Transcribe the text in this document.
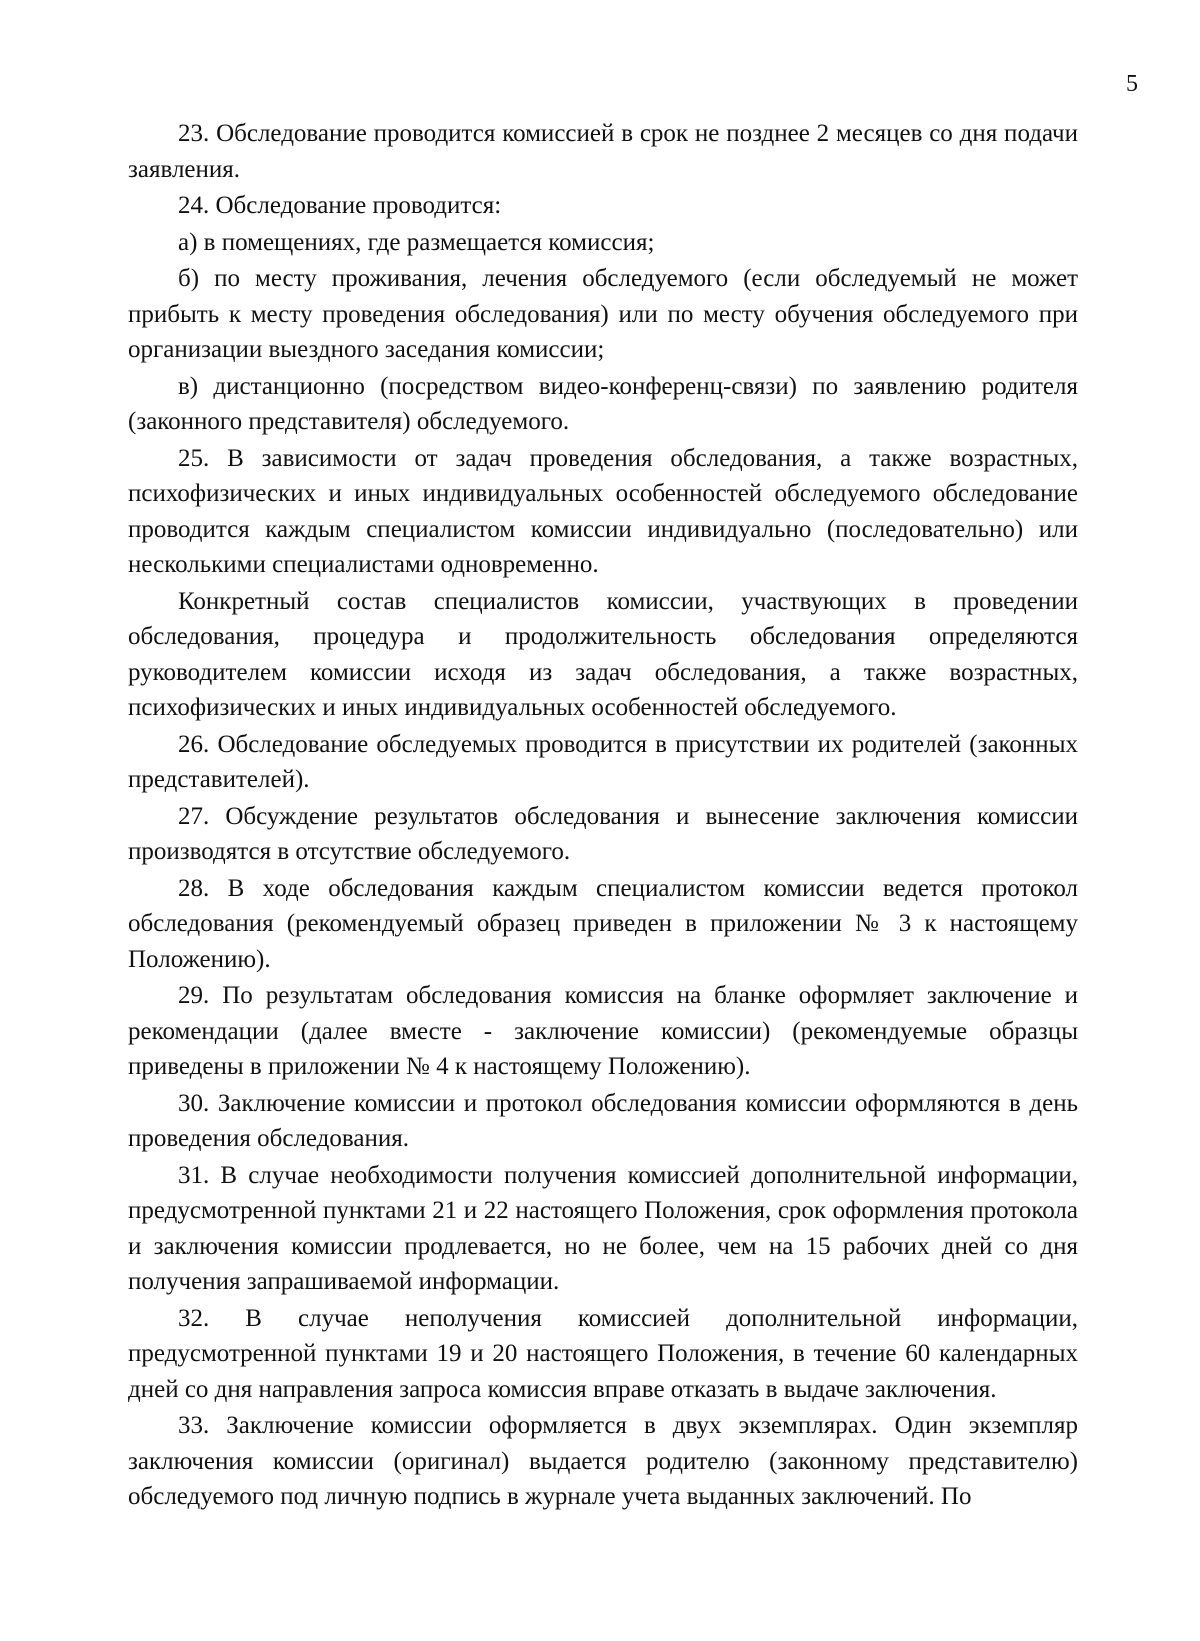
5

23. Обследование проводится комиссией в срок не позднее 2 месяцев со дня подачи заявления.

24. Обследование проводится:

а) в помещениях, где размещается комиссия;

б) по месту проживания, лечения обследуемого (если обследуемый не может прибыть к месту проведения обследования) или по месту обучения обследуемого при организации выездного заседания комиссии;

в) дистанционно (посредством видео-конференц-связи) по заявлению родителя (законного представителя) обследуемого.

25. В зависимости от задач проведения обследования, а также возрастных, психофизических и иных индивидуальных особенностей обследуемого обследование проводится каждым специалистом комиссии индивидуально (последовательно) или несколькими специалистами одновременно.

Конкретный состав специалистов комиссии, участвующих в проведении обследования, процедура и продолжительность обследования определяются руководителем комиссии исходя из задач обследования, а также возрастных, психофизических и иных индивидуальных особенностей обследуемого.

26. Обследование обследуемых проводится в присутствии их родителей (законных представителей).

27. Обсуждение результатов обследования и вынесение заключения комиссии производятся в отсутствие обследуемого.

28. В ходе обследования каждым специалистом комиссии ведется протокол обследования (рекомендуемый образец приведен в приложении № 3 к настоящему Положению).

29. По результатам обследования комиссия на бланке оформляет заключение и рекомендации (далее вместе - заключение комиссии) (рекомендуемые образцы приведены в приложении № 4 к настоящему Положению).

30. Заключение комиссии и протокол обследования комиссии оформляются в день проведения обследования.

31. В случае необходимости получения комиссией дополнительной информации, предусмотренной пунктами 21 и 22 настоящего Положения, срок оформления протокола и заключения комиссии продлевается, но не более, чем на 15 рабочих дней со дня получения запрашиваемой информации.

32. В случае неполучения комиссией дополнительной информации, предусмотренной пунктами 19 и 20 настоящего Положения, в течение 60 календарных дней со дня направления запроса комиссия вправе отказать в выдаче заключения.

33. Заключение комиссии оформляется в двух экземплярах. Один экземпляр заключения комиссии (оригинал) выдается родителю (законному представителю) обследуемого под личную подпись в журнале учета выданных заключений. По
